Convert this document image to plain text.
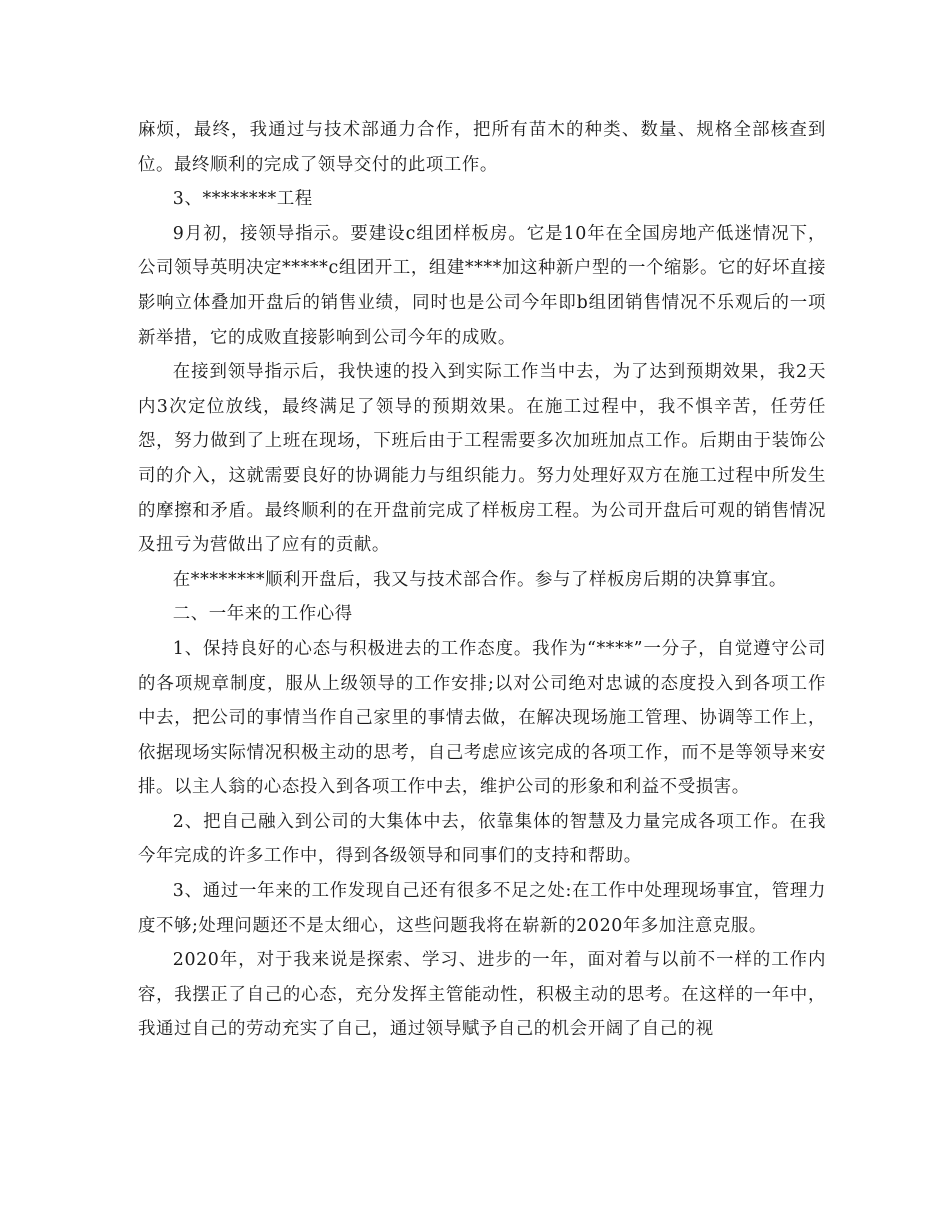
麻烦，最终，我通过与技术部通力合作，把所有苗木的种类、数量、规格全部核查到位。最终顺利的完成了领导交付的此项工作。

3、********工程

9月初，接领导指示。要建设c组团样板房。它是10年在全国房地产低迷情况下，公司领导英明决定*****c组团开工，组建****加这种新户型的一个缩影。它的好坏直接影响立体叠加开盘后的销售业绩，同时也是公司今年即b组团销售情况不乐观后的一项新举措，它的成败直接影响到公司今年的成败。

在接到领导指示后，我快速的投入到实际工作当中去，为了达到预期效果，我2天内3次定位放线，最终满足了领导的预期效果。在施工过程中，我不惧辛苦，任劳任怨，努力做到了上班在现场，下班后由于工程需要多次加班加点工作。后期由于装饰公司的介入，这就需要良好的协调能力与组织能力。努力处理好双方在施工过程中所发生的摩擦和矛盾。最终顺利的在开盘前完成了样板房工程。为公司开盘后可观的销售情况及扭亏为营做出了应有的贡献。

在********顺利开盘后，我又与技术部合作。参与了样板房后期的决算事宜。

二、一年来的工作心得

1、保持良好的心态与积极进去的工作态度。我作为“****”一分子，自觉遵守公司的各项规章制度，服从上级领导的工作安排;以对公司绝对忠诚的态度投入到各项工作中去，把公司的事情当作自己家里的事情去做，在解决现场施工管理、协调等工作上，依据现场实际情况积极主动的思考，自己考虑应该完成的各项工作，而不是等领导来安排。以主人翁的心态投入到各项工作中去，维护公司的形象和利益不受损害。

2、把自己融入到公司的大集体中去，依靠集体的智慧及力量完成各项工作。在我今年完成的许多工作中，得到各级领导和同事们的支持和帮助。

3、通过一年来的工作发现自己还有很多不足之处:在工作中处理现场事宜，管理力度不够;处理问题还不是太细心，这些问题我将在崭新的2020年多加注意克服。

2020年，对于我来说是探索、学习、进步的一年，面对着与以前不一样的工作内容，我摆正了自己的心态，充分发挥主管能动性，积极主动的思考。在这样的一年中，我通过自己的劳动充实了自己，通过领导赋予自己的机会开阔了自己的视
